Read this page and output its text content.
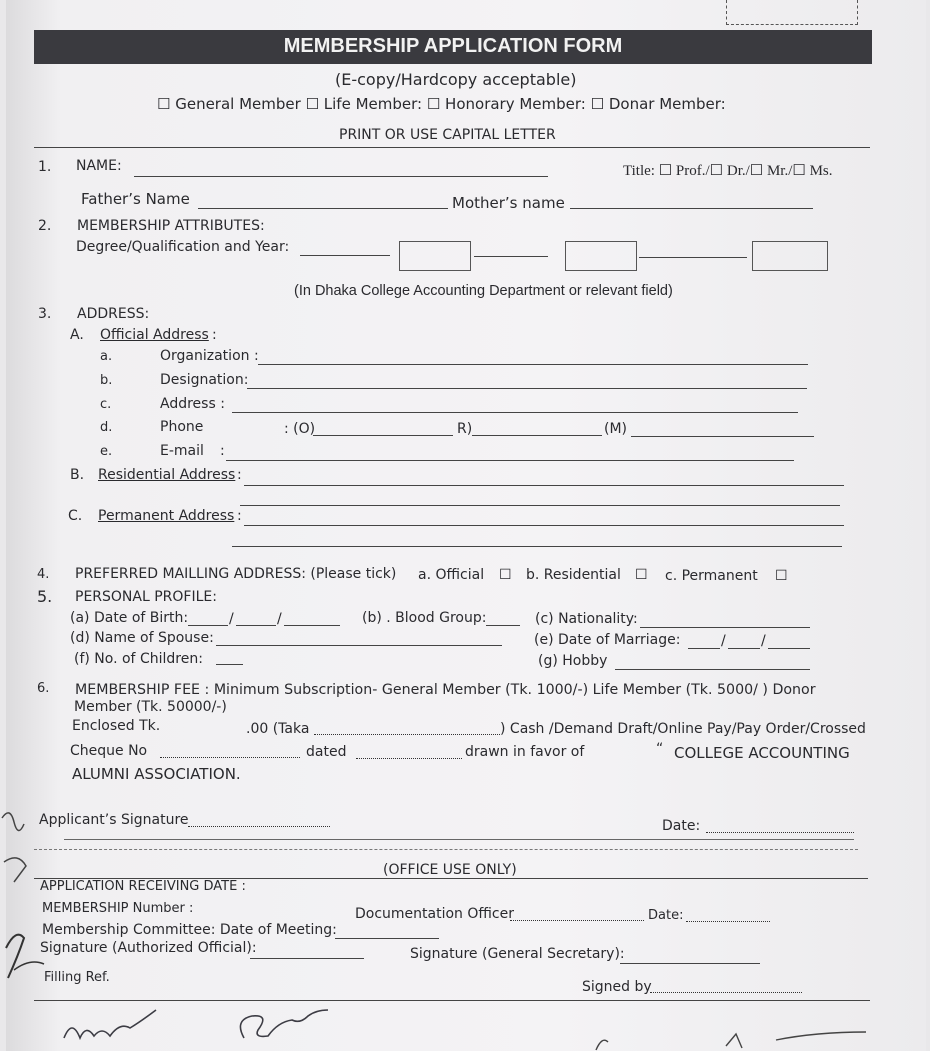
MEMBERSHIP APPLICATION FORM
(E-copy/Hardcopy acceptable)
☐ General Member ☐ Life Member: ☐ Honorary Member: ☐ Donar Member:
PRINT OR USE CAPITAL LETTER
1. NAME:	Title: ☐ Prof./☐ Dr./☐ Mr./☐ Ms.
Father’s Name	Mother’s name
2. MEMBERSHIP ATTRIBUTES:
Degree/Qualification and Year:
(In Dhaka College Accounting Department or relevant field)
3. ADDRESS:
A. Official Address :
a.	Organization :
b.	Designation:
c.	Address :
d.	Phone	: (O)	R)	(M)
e.	E-mail :
B. Residential Address :
C. Permanent Address :
4. PREFERRED MAILLING ADDRESS: (Please tick) a. Official ☐ b. Residential ☐ c. Permanent ☐
5. PERSONAL PROFILE:
(a) Date of Birth:	/	/	(b) . Blood Group:	(c) Nationality:
(d) Name of Spouse:	(e) Date of Marriage:	/	/
(f) No. of Children:	(g) Hobby
6. MEMBERSHIP FEE : Minimum Subscription- General Member (Tk. 1000/-) Life Member (Tk. 5000/ ) Donor
Member (Tk. 50000/-)
Enclosed Tk.	.00 (Taka	) Cash /Demand Draft/Online Pay/Pay Order/Crossed
Cheque No	dated	drawn in favor of	“ COLLEGE ACCOUNTING
ALUMNI ASSOCIATION.
Applicant’s Signature	Date:
(OFFICE USE ONLY)
APPLICATION RECEIVING DATE :
MEMBERSHIP Number :	Documentation Officer	Date:
Membership Committee: Date of Meeting:
Signature (Authorized Official):	Signature (General Secretary):
Filling Ref.
Signed by
